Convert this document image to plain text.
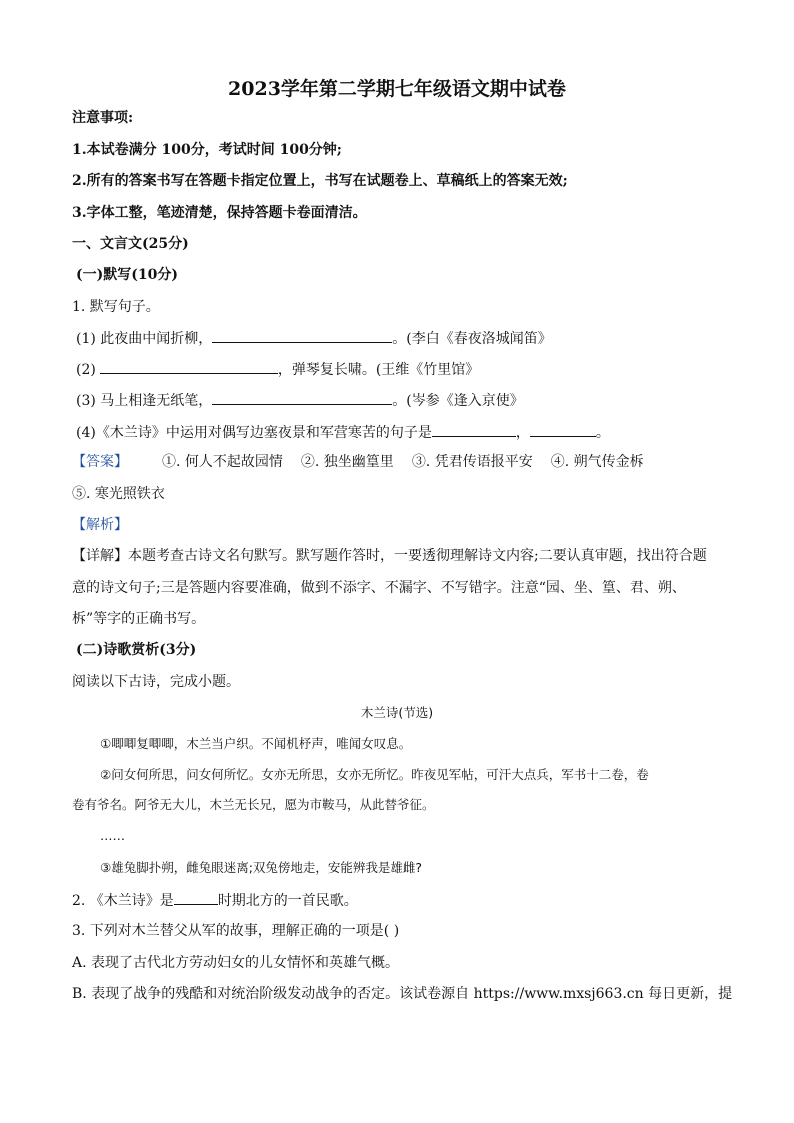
2023学年第二学期七年级语文期中试卷
注意事项:
1.本试卷满分 100分，考试时间 100分钟;
2.所有的答案书写在答题卡指定位置上，书写在试题卷上、草稿纸上的答案无效;
3.字体工整，笔迹清楚，保持答题卡卷面清洁。
一、文言文(25分)
(一)默写(10分)
1. 默写句子。
(1) 此夜曲中闻折柳，	。(李白《春夜洛城闻笛》
(2)	，弹琴复长啸。(王维《竹里馆》
(3) 马上相逢无纸笔，	。(岑参《逢入京使》
(4)《木兰诗》中运用对偶写边塞夜景和军营寒苦的句子是	，	。
【答案】 ①. 何人不起故园情 ②. 独坐幽篁里 ③. 凭君传语报平安 ④. 朔气传金柝
⑤. 寒光照铁衣
【解析】
【详解】本题考查古诗文名句默写。默写题作答时，一要透彻理解诗文内容;二要认真审题，找出符合题
意的诗文句子;三是答题内容要准确，做到不添字、不漏字、不写错字。注意“园、坐、篁、君、朔、
柝”等字的正确书写。
(二)诗歌赏析(3分)
阅读以下古诗，完成小题。
木兰诗(节选)
①唧唧复唧唧，木兰当户织。不闻机杼声，唯闻女叹息。
②问女何所思，问女何所忆。女亦无所思，女亦无所忆。昨夜见军帖，可汗大点兵，军书十二卷，卷
卷有爷名。阿爷无大儿，木兰无长兄，愿为市鞍马，从此替爷征。
……
③雄兔脚扑朔，雌兔眼迷离;双兔傍地走，安能辨我是雄雌?
2. 《木兰诗》是	时期北方的一首民歌。
3. 下列对木兰替父从军的故事，理解正确的一项是( )
A. 表现了古代北方劳动妇女的儿女情怀和英雄气概。
B. 表现了战争的残酷和对统治阶级发动战争的否定。该试卷源自 https://www.mxsj663.cn 每日更新，提
